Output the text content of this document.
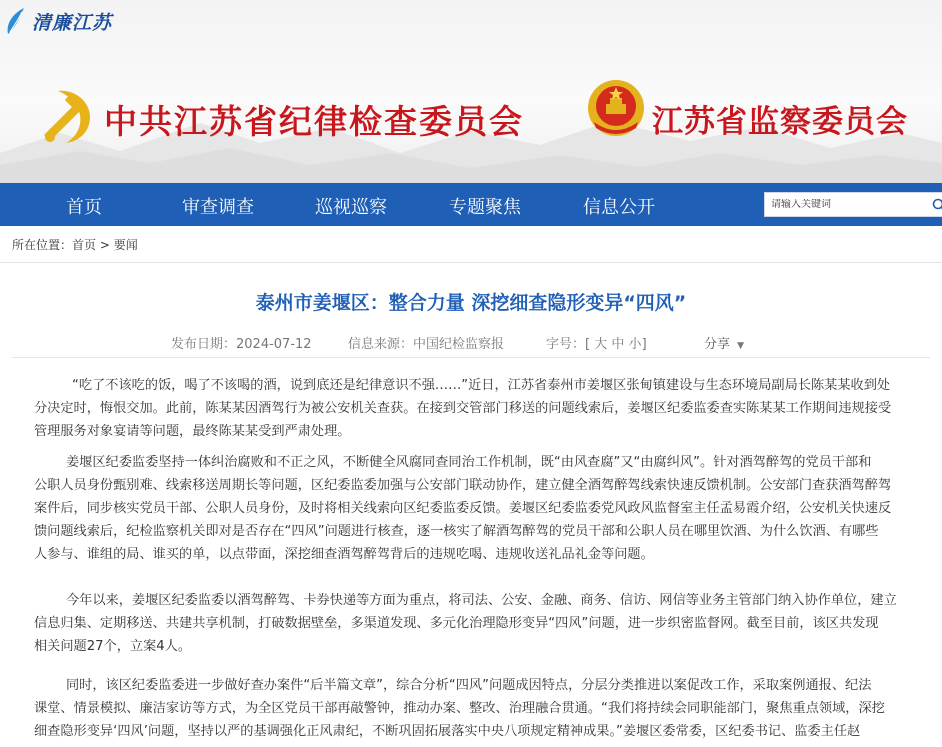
清廉江苏
中共江苏省纪律检查委员会	江苏省监察委员会
首页	审查调查	巡视巡察	专题聚焦	信息公开
请输入关键词
所在位置：首页 > 要闻
泰州市姜堰区：整合力量 深挖细查隐形变异“四风”
发布日期：2024-07-12	信息来源：中国纪检监察报	字号：[ 大 中 小]	分享 ▼
“吃了不该吃的饭，喝了不该喝的酒，说到底还是纪律意识不强……”近日，江苏省泰州市姜堰区张甸镇建设与生态环境局副局长陈某某收到处
分决定时，悔恨交加。此前，陈某某因酒驾行为被公安机关查获。在接到交管部门移送的问题线索后，姜堰区纪委监委查实陈某某工作期间违规接受
管理服务对象宴请等问题，最终陈某某受到严肃处理。
姜堰区纪委监委坚持一体纠治腐败和不正之风，不断健全风腐同查同治工作机制，既“由风查腐”又“由腐纠风”。针对酒驾醉驾的党员干部和
公职人员身份甄别难、线索移送周期长等问题，区纪委监委加强与公安部门联动协作，建立健全酒驾醉驾线索快速反馈机制。公安部门查获酒驾醉驾
案件后，同步核实党员干部、公职人员身份，及时将相关线索向区纪委监委反馈。姜堰区纪委监委党风政风监督室主任孟易霞介绍，公安机关快速反
馈问题线索后，纪检监察机关即对是否存在“四风”问题进行核查，逐一核实了解酒驾醉驾的党员干部和公职人员在哪里饮酒、为什么饮酒、有哪些
人参与、谁组的局、谁买的单，以点带面，深挖细查酒驾醉驾背后的违规吃喝、违规收送礼品礼金等问题。
今年以来，姜堰区纪委监委以酒驾醉驾、卡券快递等方面为重点，将司法、公安、金融、商务、信访、网信等业务主管部门纳入协作单位，建立
信息归集、定期移送、共建共享机制，打破数据壁垒，多渠道发现、多元化治理隐形变异“四风”问题，进一步织密监督网。截至目前，该区共发现
相关问题27个，立案4人。
同时，该区纪委监委进一步做好查办案件“后半篇文章”，综合分析“四风”问题成因特点，分层分类推进以案促改工作，采取案例通报、纪法
课堂、情景模拟、廉洁家访等方式，为全区党员干部再敲警钟，推动办案、整改、治理融合贯通。“我们将持续会同职能部门，聚焦重点领域，深挖
细查隐形变异‘四风’问题，坚持以严的基调强化正风肃纪，不断巩固拓展落实中央八项规定精神成果。”姜堰区委常委，区纪委书记、监委主任赵
